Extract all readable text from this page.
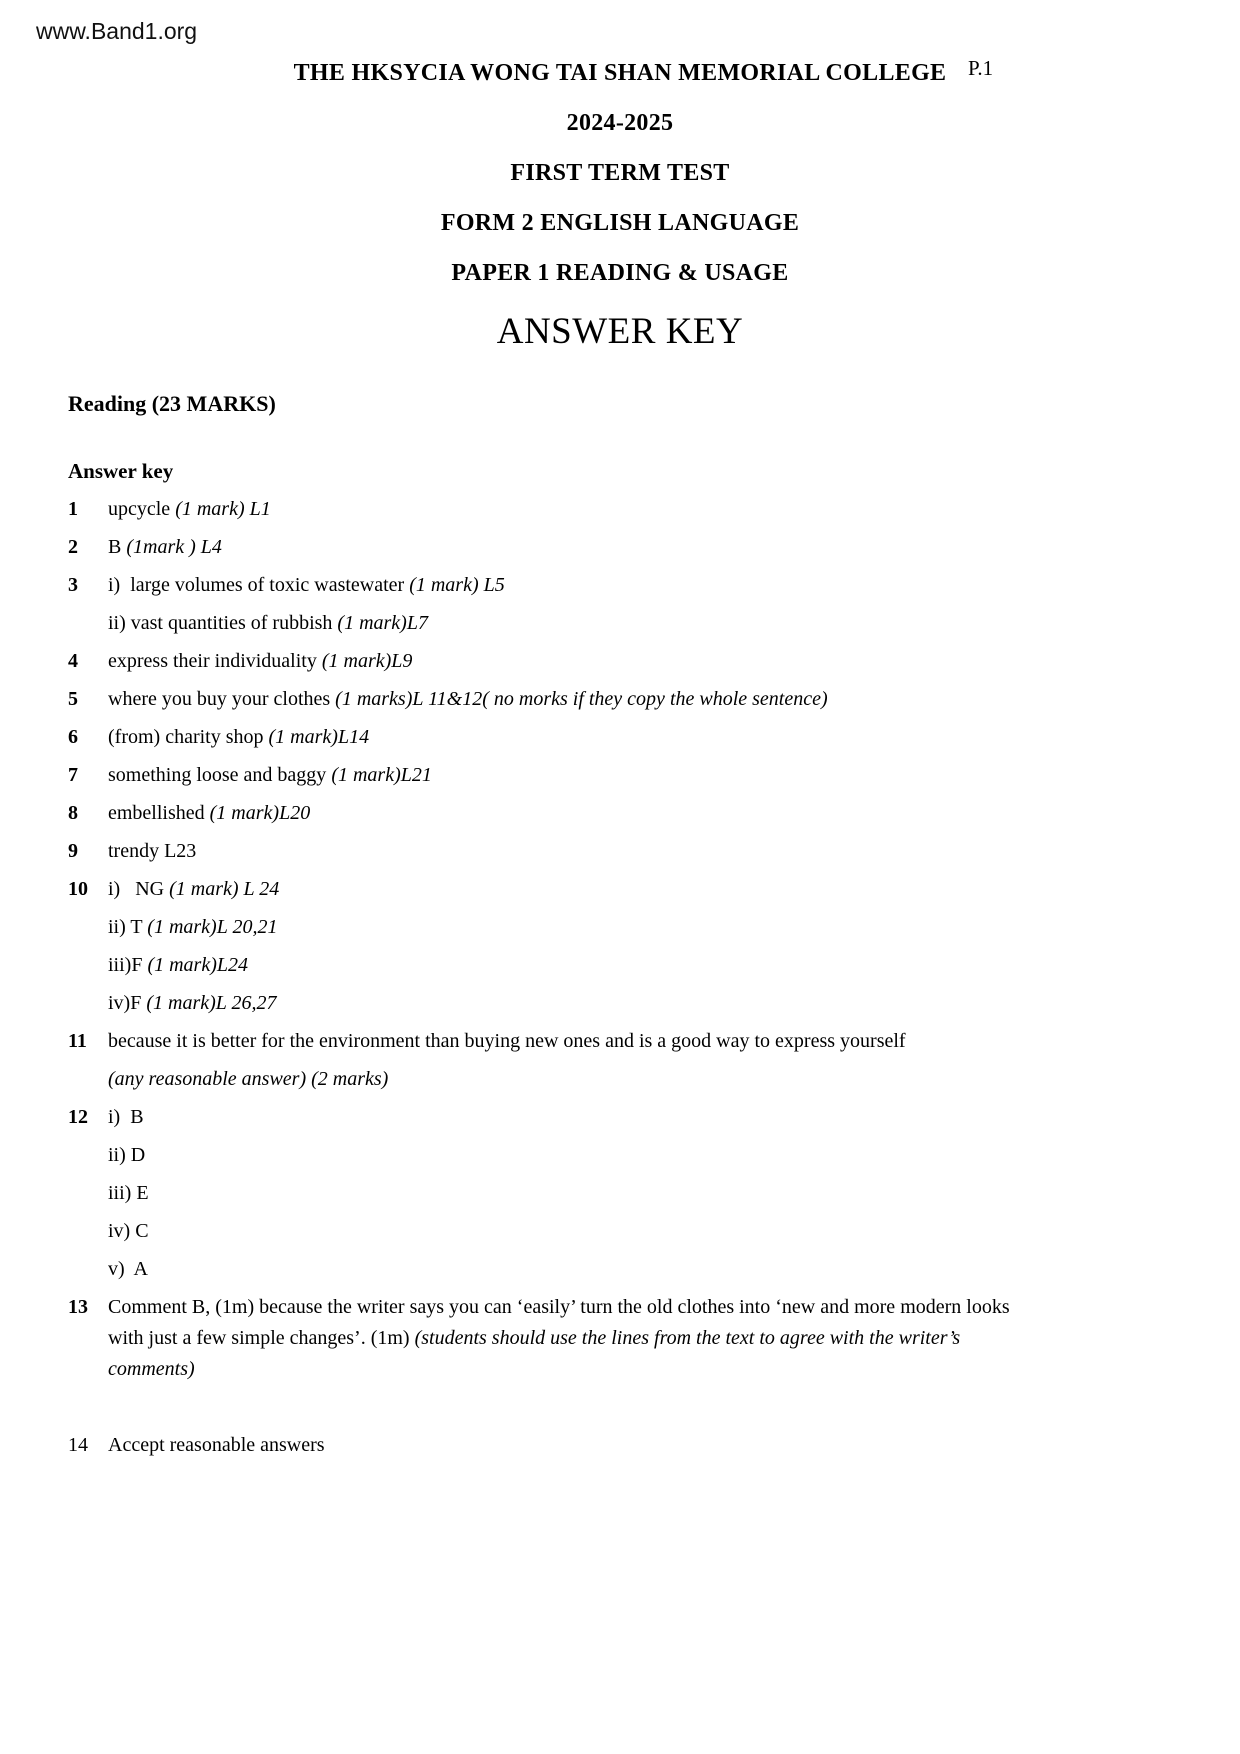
www.Band1.org
P.1
THE HKSYCIA WONG TAI SHAN MEMORIAL COLLEGE
2024-2025
FIRST TERM TEST
FORM 2 ENGLISH LANGUAGE
PAPER 1 READING & USAGE
ANSWER KEY
Reading (23 MARKS)
Answer key
1	upcycle (1 mark) L1
2	B (1mark ) L4
3	i)  large volumes of toxic wastewater (1 mark) L5
ii) vast quantities of rubbish (1 mark)L7
4	express their individuality (1 mark)L9
5	where you buy your clothes (1 marks)L 11&12( no morks if they copy the whole sentence)
6	(from) charity shop (1 mark)L14
7	something loose and baggy (1 mark)L21
8	embellished (1 mark)L20
9	trendy L23
10	i)   NG (1 mark) L 24
ii) T (1 mark)L 20,21
iii)F (1 mark)L24
iv)F (1 mark)L 26,27
11	because it is better for the environment than buying new ones and is a good way to express yourself
(any reasonable answer) (2 marks)
12	i)  B
ii) D
iii) E
iv) C
v)  A
13	Comment B, (1m) because the writer says you can ‘easily’ turn the old clothes into ‘new and more modern looks with just a few simple changes’. (1m) (students should use the lines from the text to agree with the writer’s comments)
14	Accept reasonable answers
